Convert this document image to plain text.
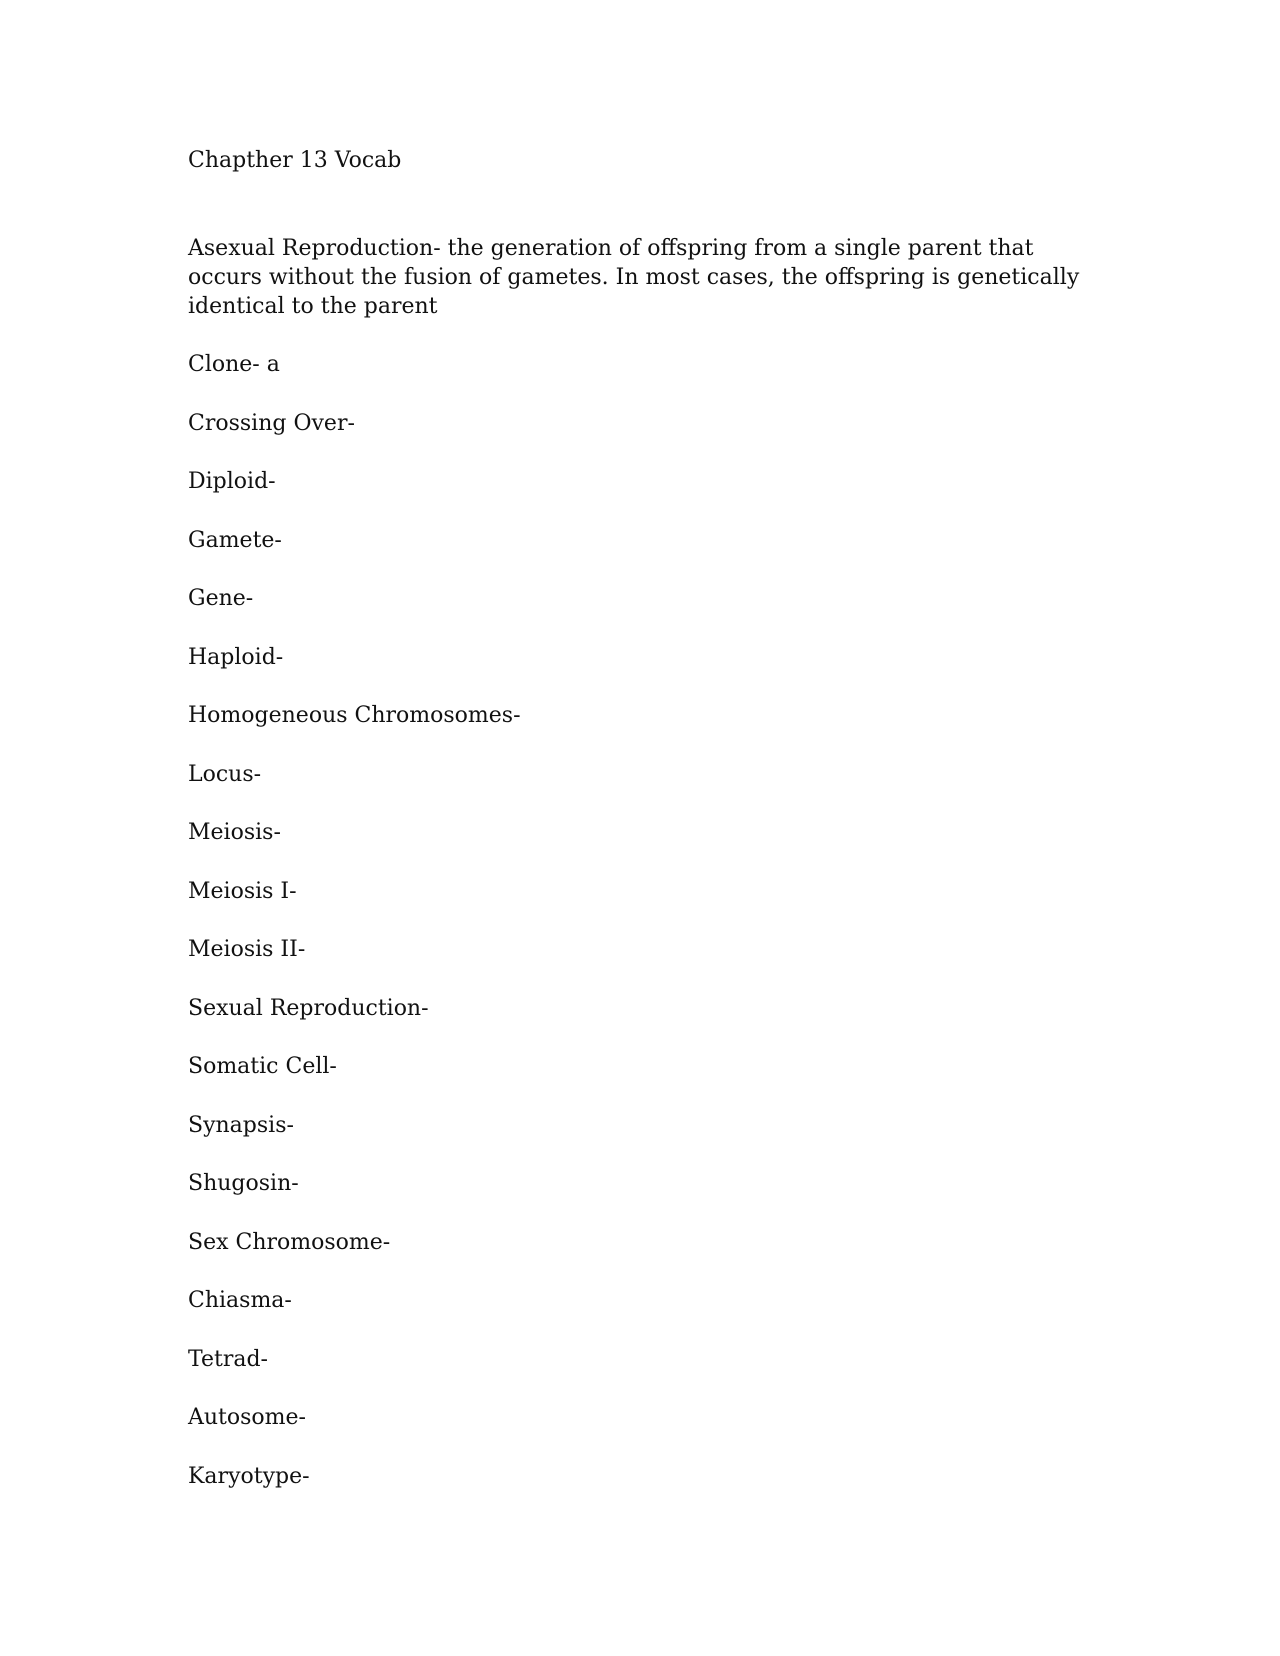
Chapther 13 Vocab
Asexual Reproduction- the generation of offspring from a single parent that occurs without the fusion of gametes. In most cases, the offspring is genetically identical to the parent
Clone- a
Crossing Over-
Diploid-
Gamete-
Gene-
Haploid-
Homogeneous Chromosomes-
Locus-
Meiosis-
Meiosis I-
Meiosis II-
Sexual Reproduction-
Somatic Cell-
Synapsis-
Shugosin-
Sex Chromosome-
Chiasma-
Tetrad-
Autosome-
Karyotype-
